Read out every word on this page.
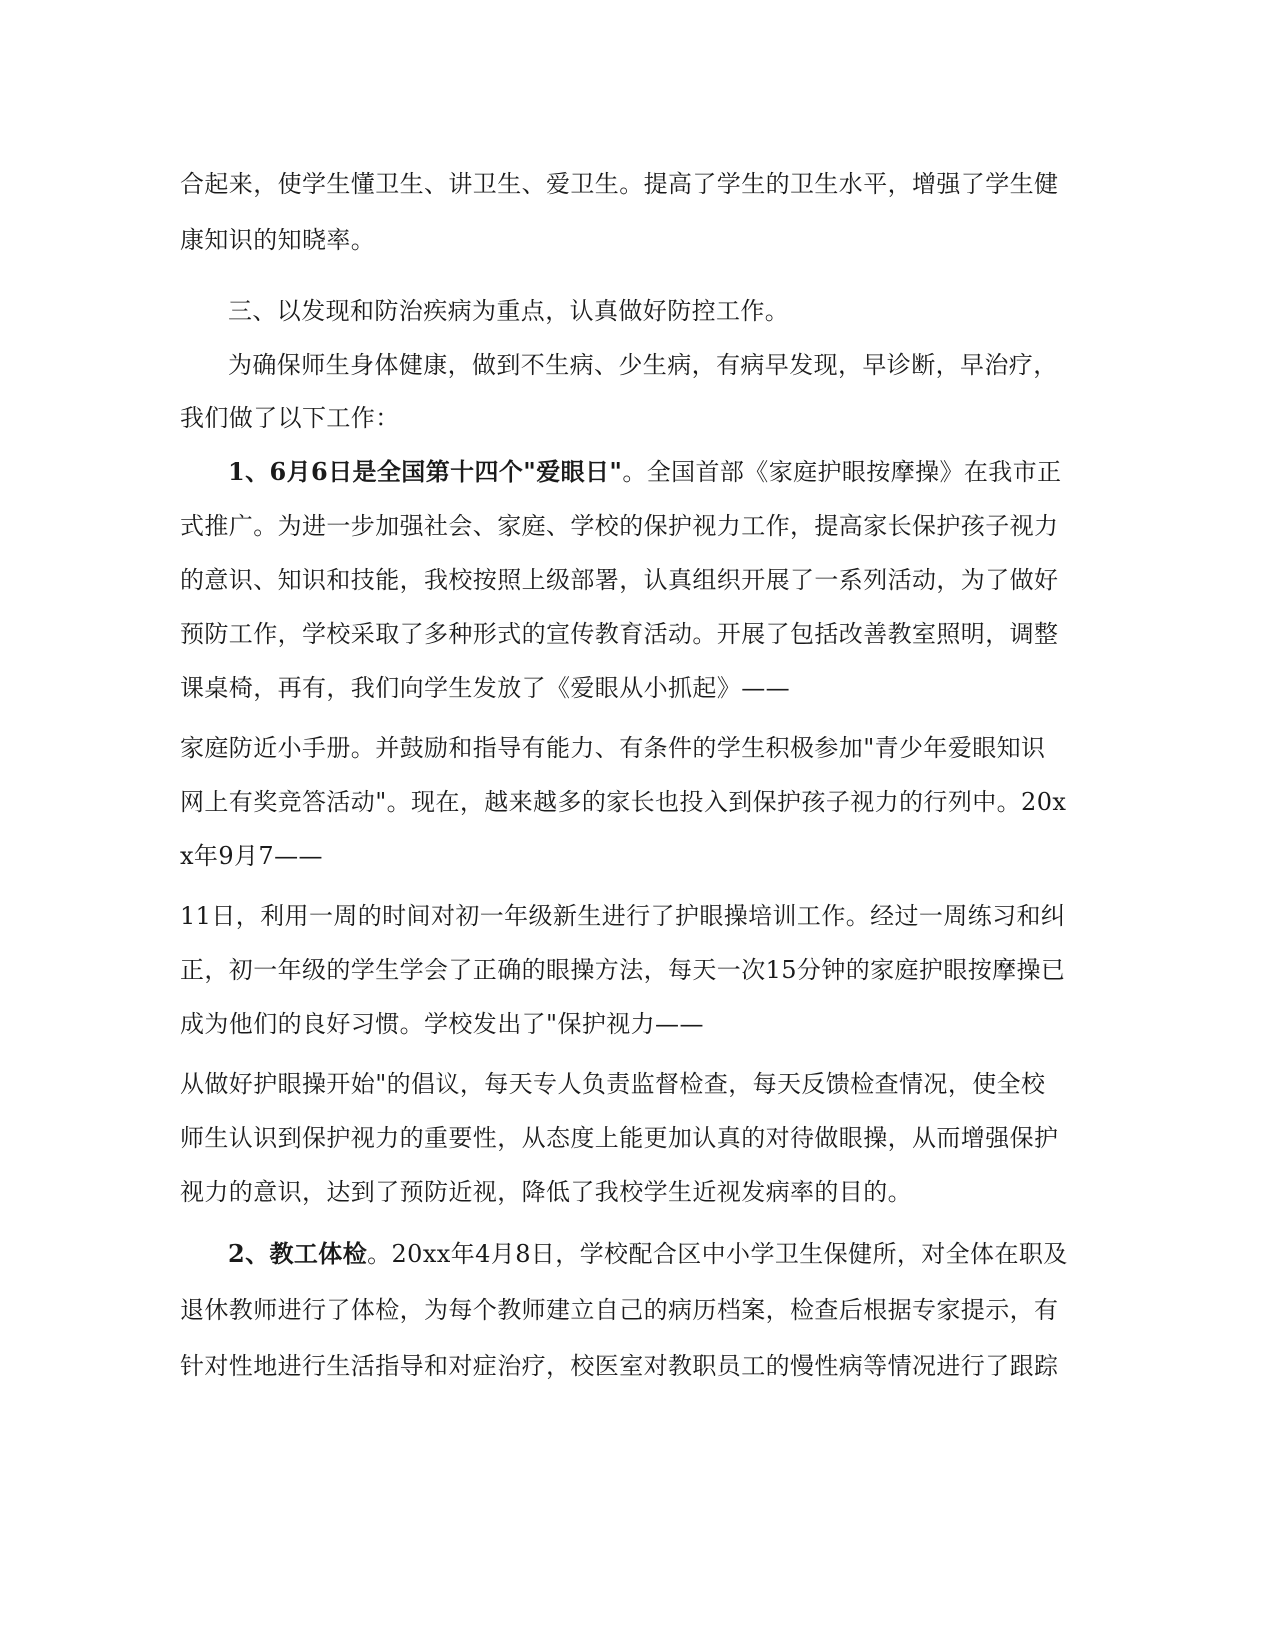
合起来，使学生懂卫生、讲卫生、爱卫生。提高了学生的卫生水平，增强了学生健
康知识的知晓率。
三、以发现和防治疾病为重点，认真做好防控工作。
为确保师生身体健康，做到不生病、少生病，有病早发现，早诊断，早治疗，
我们做了以下工作：
1、6月6日是全国第十四个"爱眼日"。全国首部《家庭护眼按摩操》在我市正
式推广。为进一步加强社会、家庭、学校的保护视力工作，提高家长保护孩子视力
的意识、知识和技能，我校按照上级部署，认真组织开展了一系列活动，为了做好
预防工作，学校采取了多种形式的宣传教育活动。开展了包括改善教室照明，调整
课桌椅，再有，我们向学生发放了《爱眼从小抓起》——
家庭防近小手册。并鼓励和指导有能力、有条件的学生积极参加"青少年爱眼知识
网上有奖竞答活动"。现在，越来越多的家长也投入到保护孩子视力的行列中。20x
x年9月7——
11日，利用一周的时间对初一年级新生进行了护眼操培训工作。经过一周练习和纠
正，初一年级的学生学会了正确的眼操方法，每天一次15分钟的家庭护眼按摩操已
成为他们的良好习惯。学校发出了"保护视力——
从做好护眼操开始"的倡议，每天专人负责监督检查，每天反馈检查情况，使全校
师生认识到保护视力的重要性，从态度上能更加认真的对待做眼操，从而增强保护
视力的意识，达到了预防近视，降低了我校学生近视发病率的目的。
2、教工体检。20xx年4月8日，学校配合区中小学卫生保健所，对全体在职及
退休教师进行了体检，为每个教师建立自己的病历档案，检查后根据专家提示，有
针对性地进行生活指导和对症治疗，校医室对教职员工的慢性病等情况进行了跟踪
